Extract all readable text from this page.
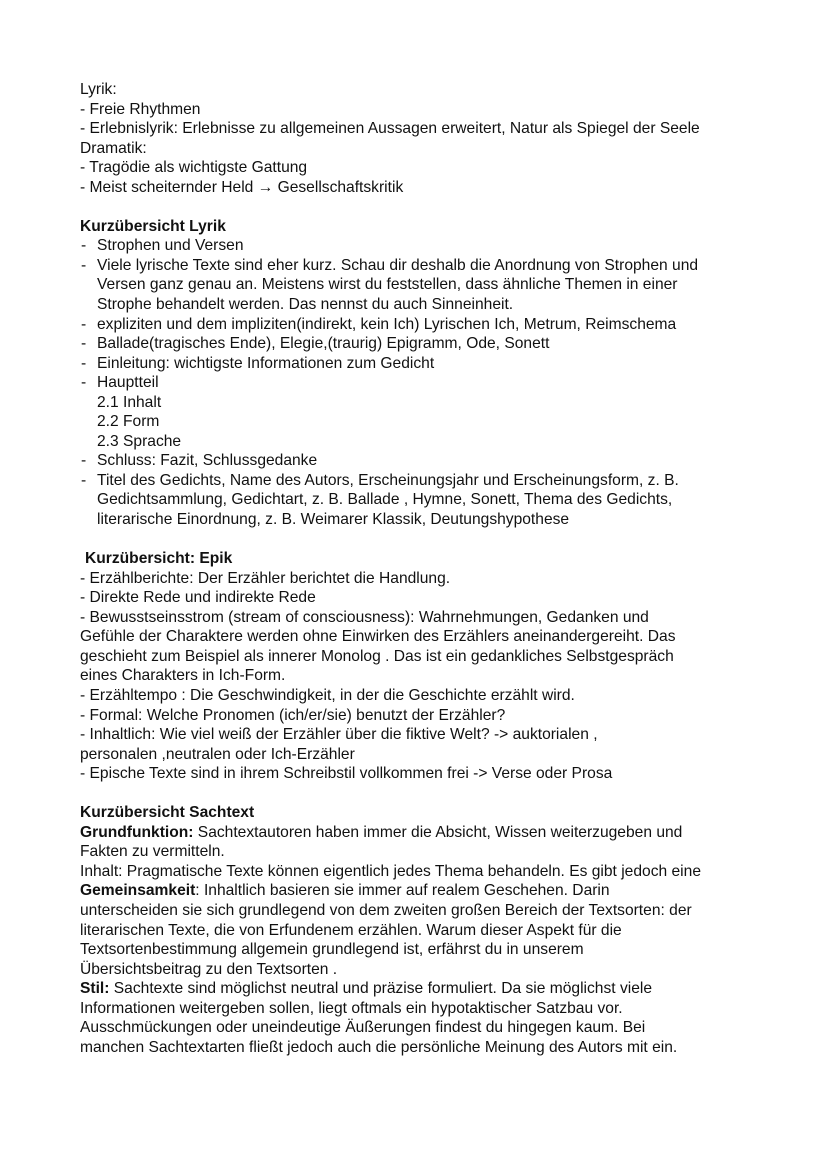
Lyrik:
- Freie Rhythmen
- Erlebnislyrik: Erlebnisse zu allgemeinen Aussagen erweitert, Natur als Spiegel der Seele
Dramatik:
- Tragödie als wichtigste Gattung
- Meist scheiternder Held → Gesellschaftskritik
Kurzübersicht Lyrik
- Strophen und Versen
- Viele lyrische Texte sind eher kurz. Schau dir deshalb die Anordnung von Strophen und
Versen ganz genau an. Meistens wirst du feststellen, dass ähnliche Themen in einer
Strophe behandelt werden. Das nennst du auch Sinneinheit.
- expliziten und dem impliziten(indirekt, kein Ich) Lyrischen Ich, Metrum, Reimschema
- Ballade(tragisches Ende), Elegie,(traurig) Epigramm, Ode, Sonett
- Einleitung: wichtigste Informationen zum Gedicht
- Hauptteil
2.1 Inhalt
2.2 Form
2.3 Sprache
- Schluss: Fazit, Schlussgedanke
- Titel des Gedichts, Name des Autors, Erscheinungsjahr und Erscheinungsform, z. B.
Gedichtsammlung, Gedichtart, z. B. Ballade , Hymne, Sonett, Thema des Gedichts,
literarische Einordnung, z. B. Weimarer Klassik, Deutungshypothese
Kurzübersicht: Epik
- Erzählberichte: Der Erzähler berichtet die Handlung.
- Direkte Rede und indirekte Rede
- Bewusstseinsstrom (stream of consciousness): Wahrnehmungen, Gedanken und
Gefühle der Charaktere werden ohne Einwirken des Erzählers aneinandergereiht. Das
geschieht zum Beispiel als innerer Monolog . Das ist ein gedankliches Selbstgespräch
eines Charakters in Ich-Form.
- Erzähltempo : Die Geschwindigkeit, in der die Geschichte erzählt wird.
- Formal: Welche Pronomen (ich/er/sie) benutzt der Erzähler?
- Inhaltlich: Wie viel weiß der Erzähler über die fiktive Welt? -> auktorialen ,
personalen ,neutralen oder Ich-Erzähler
- Epische Texte sind in ihrem Schreibstil vollkommen frei -> Verse oder Prosa
Kurzübersicht Sachtext
Grundfunktion: Sachtextautoren haben immer die Absicht, Wissen weiterzugeben und
Fakten zu vermitteln.
Inhalt: Pragmatische Texte können eigentlich jedes Thema behandeln. Es gibt jedoch eine
Gemeinsamkeit: Inhaltlich basieren sie immer auf realem Geschehen. Darin
unterscheiden sie sich grundlegend von dem zweiten großen Bereich der Textsorten: der
literarischen Texte, die von Erfundenem erzählen. Warum dieser Aspekt für die
Textsortenbestimmung allgemein grundlegend ist, erfährst du in unserem
Übersichtsbeitrag zu den Textsorten .
Stil: Sachtexte sind möglichst neutral und präzise formuliert. Da sie möglichst viele
Informationen weitergeben sollen, liegt oftmals ein hypotaktischer Satzbau vor.
Ausschmückungen oder uneindeutige Äußerungen findest du hingegen kaum. Bei
manchen Sachtextarten fließt jedoch auch die persönliche Meinung des Autors mit ein.
